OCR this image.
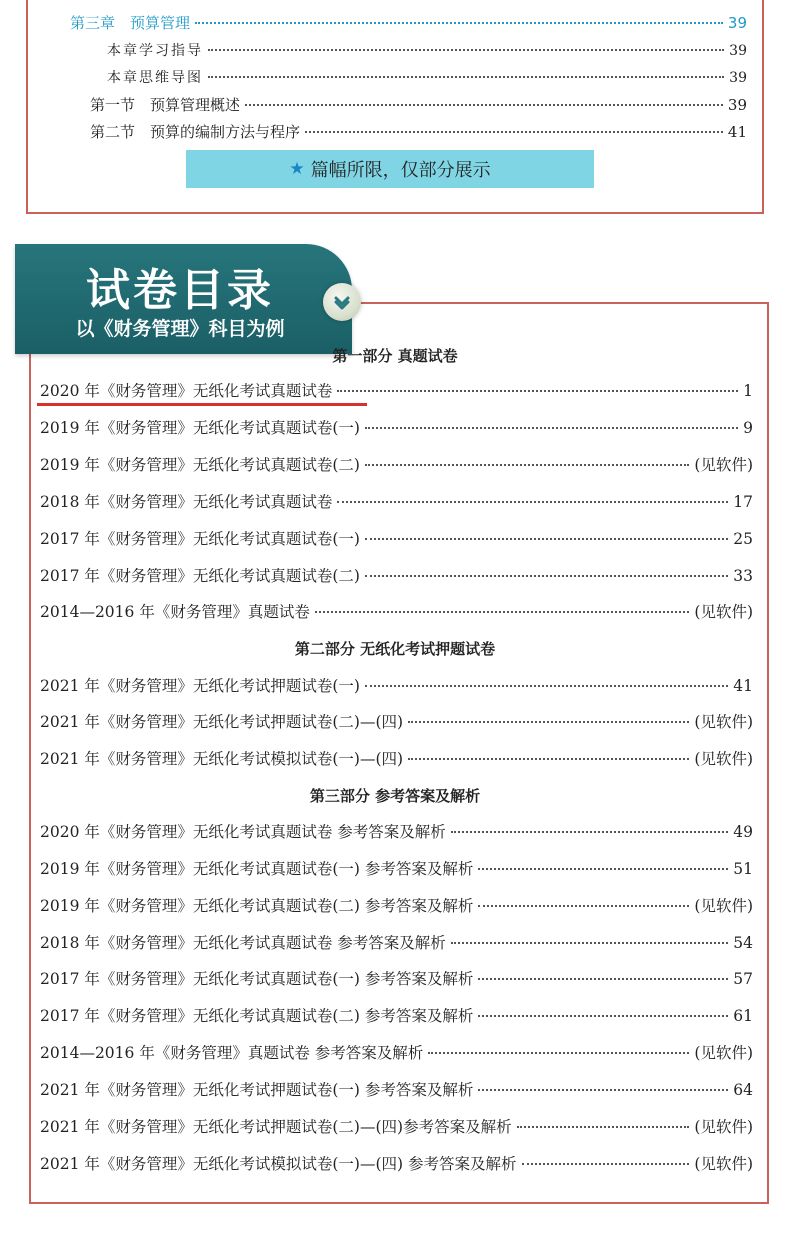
第三章　预算管理	39
本章学习指导	39
本章思维导图	39
第一节　预算管理概述	39
第二节　预算的编制方法与程序	41
★ 篇幅所限，仅部分展示
试卷目录
以《财务管理》科目为例
第一部分 真题试卷
2020 年《财务管理》无纸化考试真题试卷	1
2019 年《财务管理》无纸化考试真题试卷(一)	9
2019 年《财务管理》无纸化考试真题试卷(二)	(见软件)
2018 年《财务管理》无纸化考试真题试卷	17
2017 年《财务管理》无纸化考试真题试卷(一)	25
2017 年《财务管理》无纸化考试真题试卷(二)	33
2014—2016 年《财务管理》真题试卷	(见软件)
第二部分 无纸化考试押题试卷
2021 年《财务管理》无纸化考试押题试卷(一)	41
2021 年《财务管理》无纸化考试押题试卷(二)—(四)	(见软件)
2021 年《财务管理》无纸化考试模拟试卷(一)—(四)	(见软件)
第三部分 参考答案及解析
2020 年《财务管理》无纸化考试真题试卷 参考答案及解析	49
2019 年《财务管理》无纸化考试真题试卷(一) 参考答案及解析	51
2019 年《财务管理》无纸化考试真题试卷(二) 参考答案及解析	(见软件)
2018 年《财务管理》无纸化考试真题试卷 参考答案及解析	54
2017 年《财务管理》无纸化考试真题试卷(一) 参考答案及解析	57
2017 年《财务管理》无纸化考试真题试卷(二) 参考答案及解析	61
2014—2016 年《财务管理》真题试卷 参考答案及解析	(见软件)
2021 年《财务管理》无纸化考试押题试卷(一) 参考答案及解析	64
2021 年《财务管理》无纸化考试押题试卷(二)—(四)参考答案及解析	(见软件)
2021 年《财务管理》无纸化考试模拟试卷(一)—(四) 参考答案及解析	(见软件)
